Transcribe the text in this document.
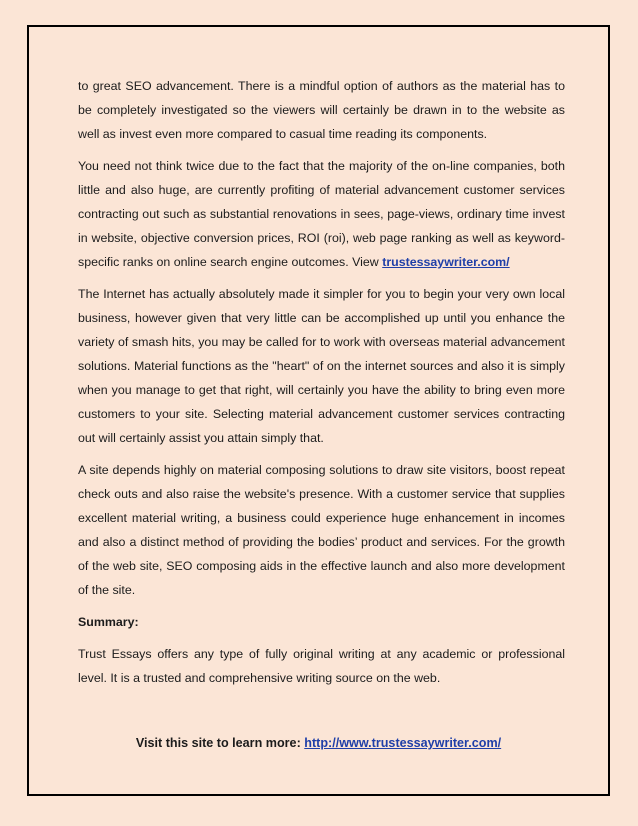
to great SEO advancement. There is a mindful option of authors as the material has to be completely investigated so the viewers will certainly be drawn in to the website as well as invest even more compared to casual time reading its components.

You need not think twice due to the fact that the majority of the on-line companies, both little and also huge, are currently profiting of material advancement customer services contracting out such as substantial renovations in sees, page-views, ordinary time invest in website, objective conversion prices, ROI (roi), web page ranking as well as keyword-specific ranks on online search engine outcomes. View trustessaywriter.com/

The Internet has actually absolutely made it simpler for you to begin your very own local business, however given that very little can be accomplished up until you enhance the variety of smash hits, you may be called for to work with overseas material advancement solutions. Material functions as the "heart" of on the internet sources and also it is simply when you manage to get that right, will certainly you have the ability to bring even more customers to your site. Selecting material advancement customer services contracting out will certainly assist you attain simply that.

A site depends highly on material composing solutions to draw site visitors, boost repeat check outs and also raise the website's presence. With a customer service that supplies excellent material writing, a business could experience huge enhancement in incomes and also a distinct method of providing the bodies’ product and services. For the growth of the web site, SEO composing aids in the effective launch and also more development of the site.

Summary:

Trust Essays offers any type of fully original writing at any academic or professional level. It is a trusted and comprehensive writing source on the web.

Visit this site to learn more: http://www.trustessaywriter.com/
